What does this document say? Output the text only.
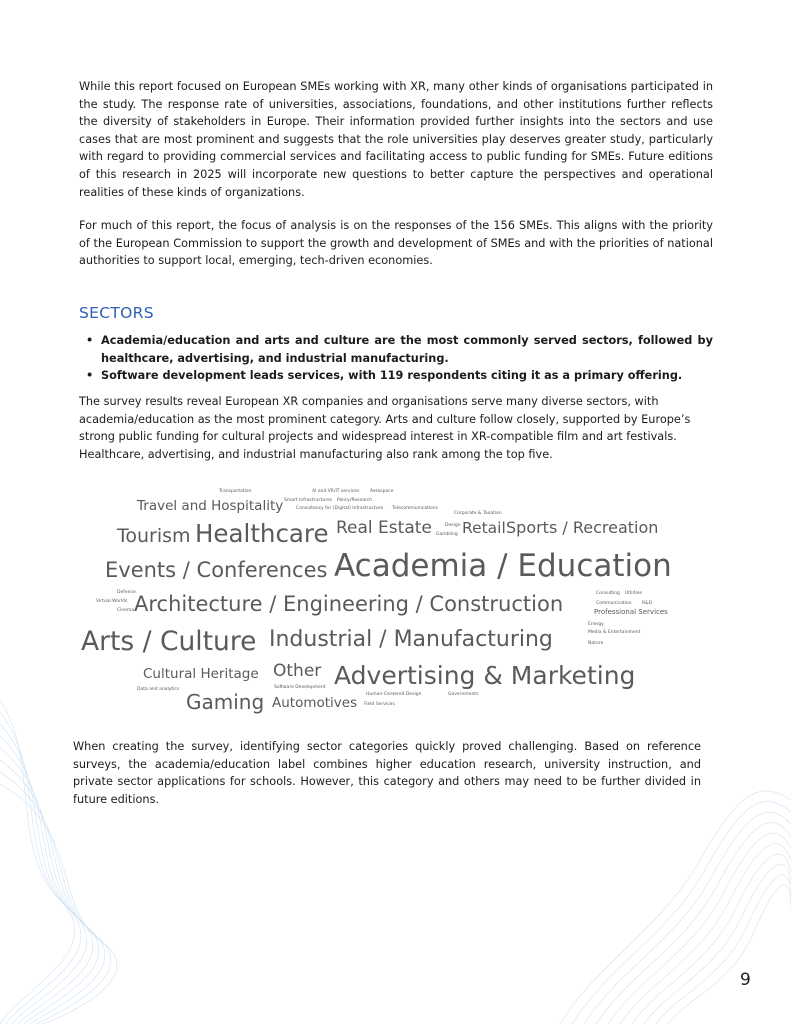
While this report focused on European SMEs working with XR, many other kinds of organisations participated in the study. The response rate of universities, associations, foundations, and other institutions further reflects the diversity of stakeholders in Europe. Their information provided further insights into the sectors and use cases that are most prominent and suggests that the role universities play deserves greater study, particularly with regard to providing commercial services and facilitating access to public funding for SMEs. Future editions of this research in 2025 will incorporate new questions to better capture the perspectives and operational realities of these kinds of organizations.

For much of this report, the focus of analysis is on the responses of the 156 SMEs. This aligns with the priority of the European Commission to support the growth and development of SMEs and with the priorities of national authorities to support local, emerging, tech-driven economies.

SECTORS
• Academia/education and arts and culture are the most commonly served sectors, followed by healthcare, advertising, and industrial manufacturing.
• Software development leads services, with 119 respondents citing it as a primary offering.

The survey results reveal European XR companies and organisations serve many diverse sectors, with academia/education as the most prominent category. Arts and culture follow closely, supported by Europe’s strong public funding for cultural projects and widespread interest in XR-compatible film and art festivals. Healthcare, advertising, and industrial manufacturing also rank among the top five.

Transportation	AI and VR/IT services Aerospace
Travel and Hospitality Smart Infrastructures Policy/Research
Consultancy for (Digital) Infrastructure Telecommunications
Corporate & Taxation
Tourism Healthcare Real Estate	Design
Gambling Retail Sports / Recreation
Events / Conferences Academia / Education
Defence
Virtual Worlds
Cinema Architecture / Engineering / Construction	Consulting Utilities
Communication R&D
Professional Services
Energy
Media & Entertainment
Nature
Arts / Culture Industrial / Manufacturing
Cultural Heritage Other Advertising & Marketing
Data and analytics	Software Development
Human-Centered Design	Governments
Gaming Automotives Field Services

When creating the survey, identifying sector categories quickly proved challenging. Based on reference surveys, the academia/education label combines higher education research, university instruction, and private sector applications for schools. However, this category and others may need to be further divided in future editions.

9
